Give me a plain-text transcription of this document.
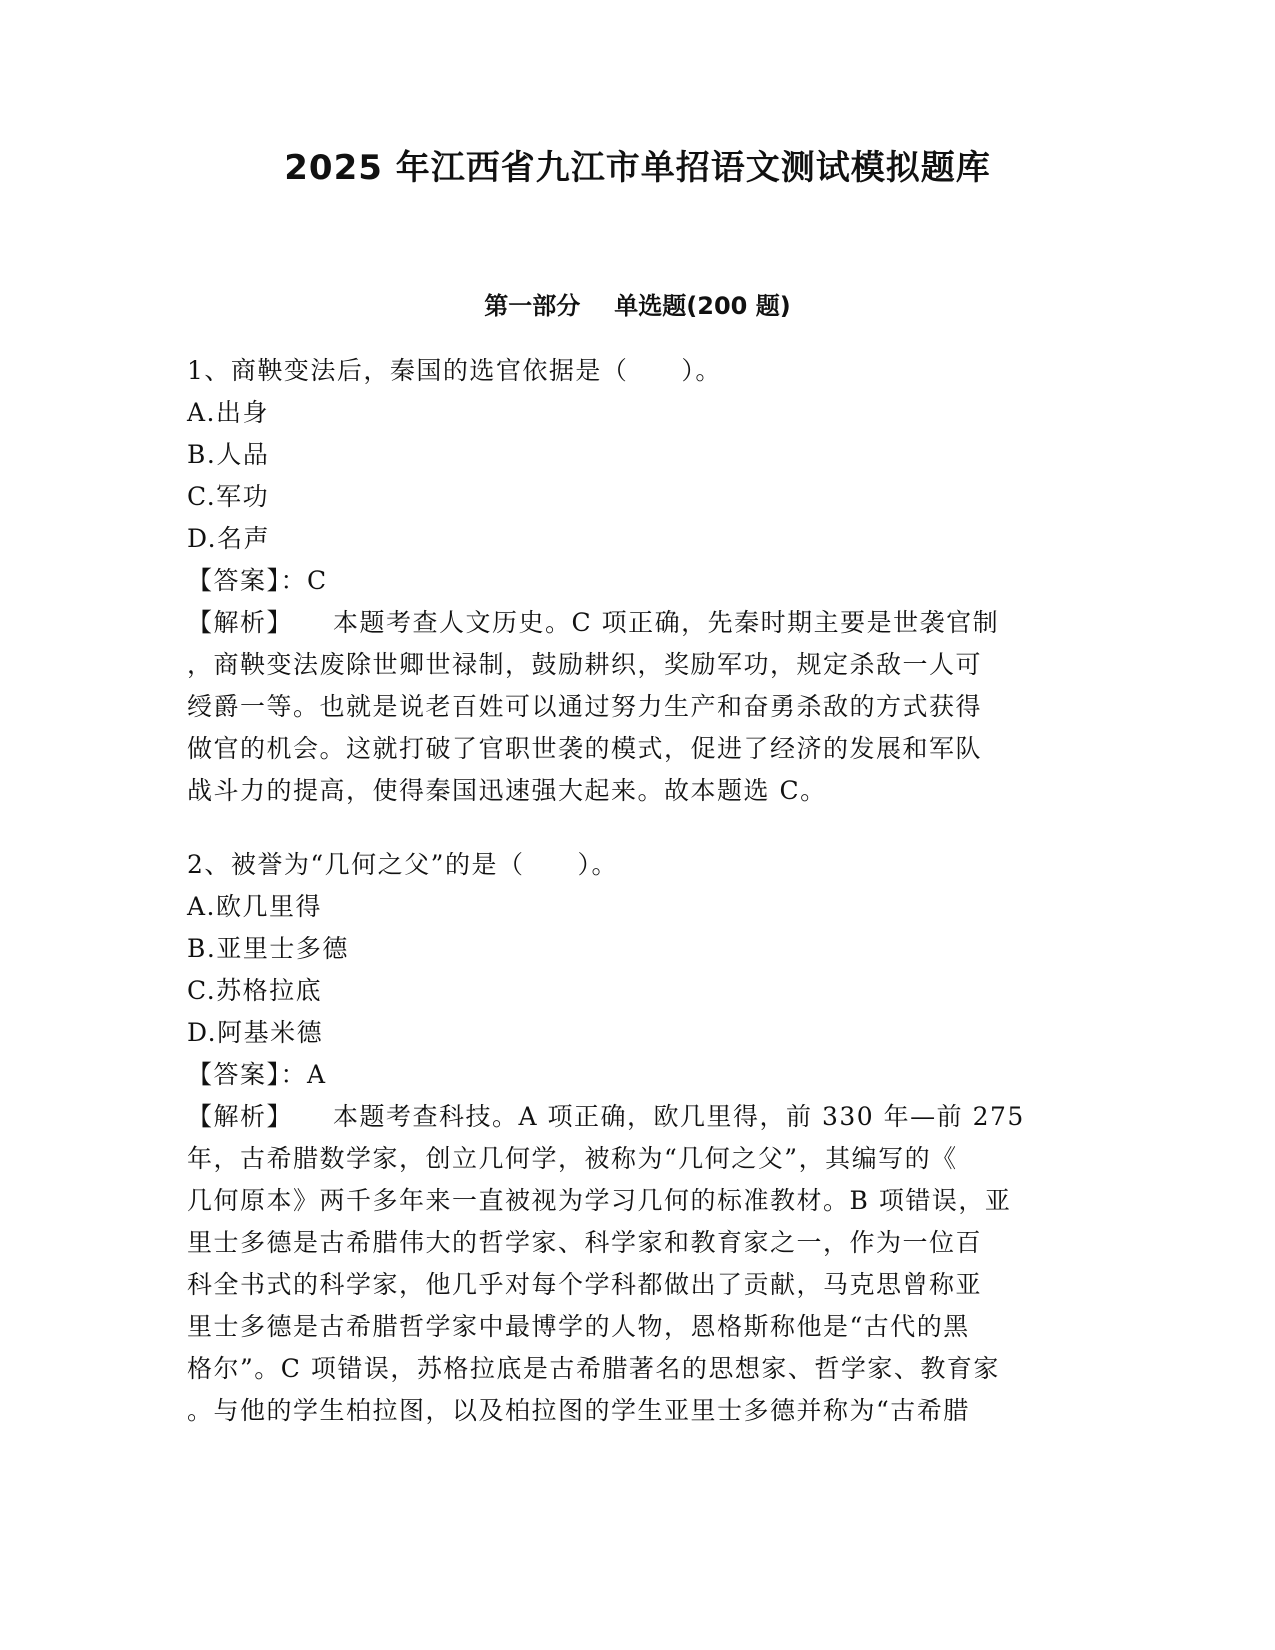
2025 年江西省九江市单招语文测试模拟题库
第一部分 单选题(200 题)
1、商鞅变法后，秦国的选官依据是（　　）。
A.出身
B.人品
C.军功
D.名声
【答案】：C
【解析】 本题考查人文历史。C 项正确，先秦时期主要是世袭官制
，商鞅变法废除世卿世禄制，鼓励耕织，奖励军功，规定杀敌一人可
绶爵一等。也就是说老百姓可以通过努力生产和奋勇杀敌的方式获得
做官的机会。这就打破了官职世袭的模式，促进了经济的发展和军队
战斗力的提高，使得秦国迅速强大起来。故本题选 C。
2、被誉为“几何之父”的是（　　）。
A.欧几里得
B.亚里士多德
C.苏格拉底
D.阿基米德
【答案】：A
【解析】 本题考查科技。A 项正确，欧几里得，前 330 年—前 275
年，古希腊数学家，创立几何学，被称为“几何之父”，其编写的《
几何原本》两千多年来一直被视为学习几何的标准教材。B 项错误，亚
里士多德是古希腊伟大的哲学家、科学家和教育家之一，作为一位百
科全书式的科学家，他几乎对每个学科都做出了贡献，马克思曾称亚
里士多德是古希腊哲学家中最博学的人物，恩格斯称他是“古代的黑
格尔”。C 项错误，苏格拉底是古希腊著名的思想家、哲学家、教育家
。与他的学生柏拉图，以及柏拉图的学生亚里士多德并称为“古希腊
